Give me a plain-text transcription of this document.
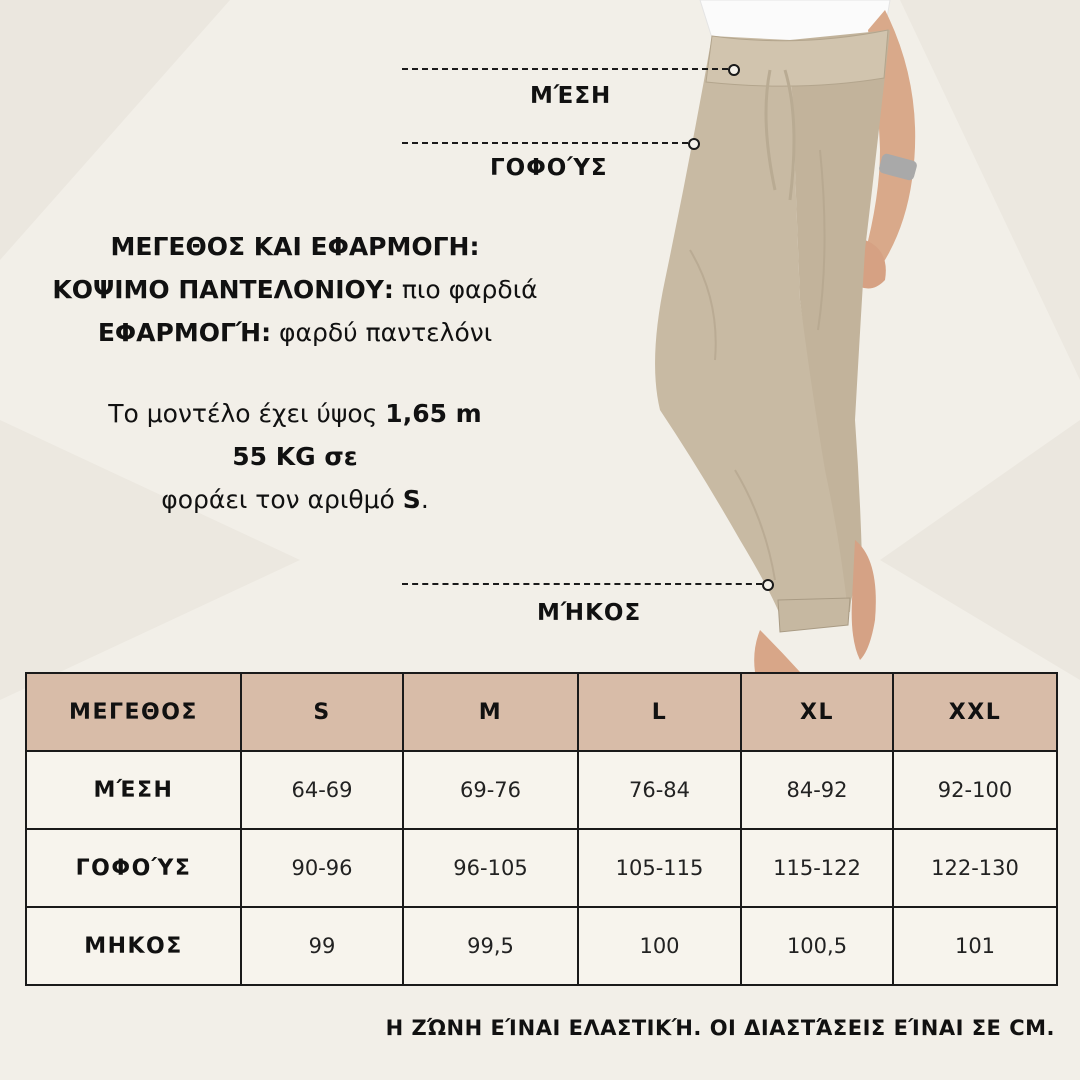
ΜΈΣΗ
ΓΟΦΟΎΣ
ΜΉΚΟΣ
ΜΕΓΕΘΟΣ ΚΑΙ ΕΦΑΡΜΟΓΗ:
ΚΟΨΙΜΟ ΠΑΝΤΕΛΟΝΙΟΥ: πιο φαρδιά
ΕΦΑΡΜΟΓΉ: φαρδύ παντελόνι
Το μοντέλο έχει ύψος 1,65 m
55 KG σε
φοράει τον αριθμό S.
ΜΕΓΕΘΟΣ	S	M	L	XL	XXL
ΜΈΣΗ	64-69	69-76	76-84	84-92	92-100
ΓΟΦΟΎΣ	90-96	96-105	105-115	115-122	122-130
ΜΗΚΟΣ	99	99,5	100	100,5	101
Η ΖΏΝΗ ΕΊΝΑΙ ΕΛΑΣΤΙΚΉ. ΟΙ ΔΙΑΣΤΆΣΕΙΣ ΕΊΝΑΙ ΣΕ CM.
